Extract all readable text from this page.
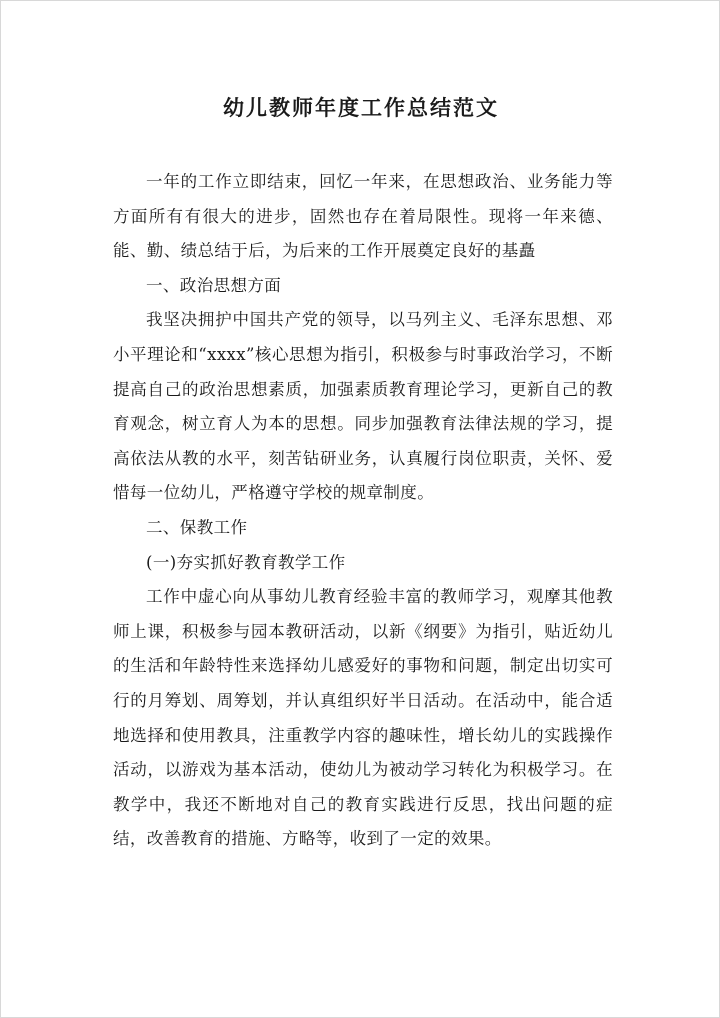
幼儿教师年度工作总结范文

一年的工作立即结束，回忆一年来，在思想政治、业务能力等方面所有有很大的进步，固然也存在着局限性。现将一年来德、能、勤、绩总结于后，为后来的工作开展奠定良好的基矗

一、政治思想方面

我坚决拥护中国共产党的领导，以马列主义、毛泽东思想、邓小平理论和“xxxx”核心思想为指引，积极参与时事政治学习，不断提高自己的政治思想素质，加强素质教育理论学习，更新自己的教育观念，树立育人为本的思想。同步加强教育法律法规的学习，提高依法从教的水平，刻苦钻研业务，认真履行岗位职责，关怀、爱惜每一位幼儿，严格遵守学校的规章制度。

二、保教工作

(一)夯实抓好教育教学工作

工作中虚心向从事幼儿教育经验丰富的教师学习，观摩其他教师上课，积极参与园本教研活动，以新《纲要》为指引，贴近幼儿的生活和年龄特性来选择幼儿感爱好的事物和问题，制定出切实可行的月筹划、周筹划，并认真组织好半日活动。在活动中，能合适地选择和使用教具，注重教学内容的趣味性，增长幼儿的实践操作活动，以游戏为基本活动，使幼儿为被动学习转化为积极学习。在教学中，我还不断地对自己的教育实践进行反思，找出问题的症结，改善教育的措施、方略等，收到了一定的效果。
